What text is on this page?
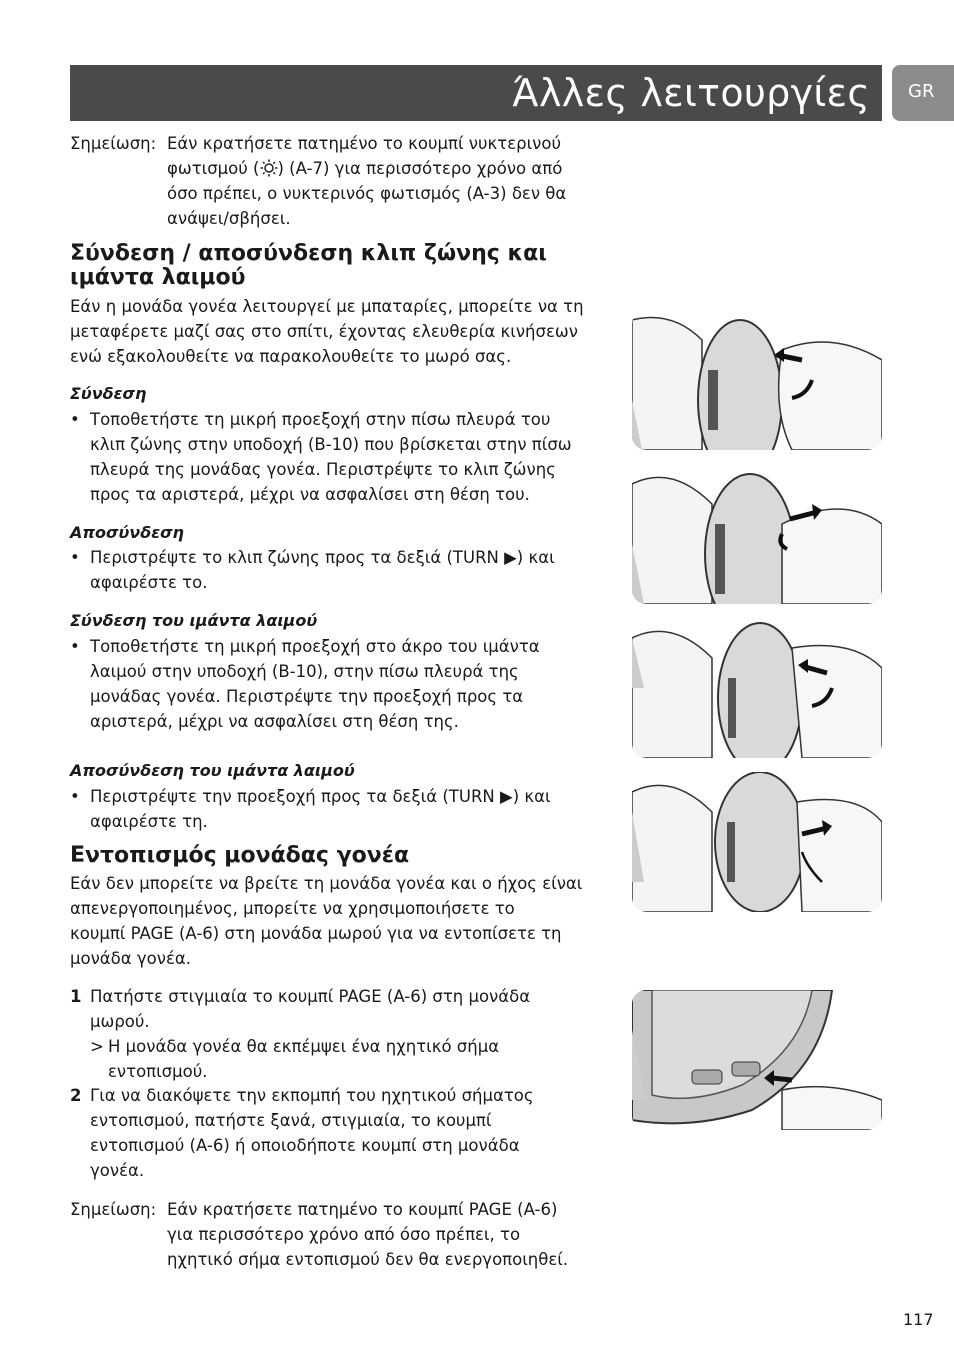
Άλλες λειτουργίες GR
Σημείωση: Εάν κρατήσετε πατημένο το κουμπί νυκτερινού
φωτισμού ( ) (A-7) για περισσότερο χρόνο από
όσο πρέπει, ο νυκτερινός φωτισμός (A-3) δεν θα
ανάψει/σβήσει.
Σύνδεση / αποσύνδεση κλιπ ζώνης και
ιμάντα λαιμού
Εάν η μονάδα γονέα λειτουργεί με μπαταρίες, μπορείτε να τη
μεταφέρετε μαζί σας στο σπίτι, έχοντας ελευθερία κινήσεων
ενώ εξακολουθείτε να παρακολουθείτε το μωρό σας.
Σύνδεση
• Τοποθετήστε τη μικρή προεξοχή στην πίσω πλευρά του
κλιπ ζώνης στην υποδοχή (B-10) που βρίσκεται στην πίσω
πλευρά της μονάδας γονέα. Περιστρέψτε το κλιπ ζώνης
προς τα αριστερά, μέχρι να ασφαλίσει στη θέση του.
Αποσύνδεση
• Περιστρέψτε το κλιπ ζώνης προς τα δεξιά (TURN ▶) και
αφαιρέστε το.
Σύνδεση του ιμάντα λαιμού
• Τοποθετήστε τη μικρή προεξοχή στο άκρο του ιμάντα
λαιμού στην υποδοχή (B-10), στην πίσω πλευρά της
μονάδας γονέα. Περιστρέψτε την προεξοχή προς τα
αριστερά, μέχρι να ασφαλίσει στη θέση της.
Αποσύνδεση του ιμάντα λαιμού
• Περιστρέψτε την προεξοχή προς τα δεξιά (TURN ▶) και
αφαιρέστε τη.
Εντοπισμός μονάδας γονέα
Εάν δεν μπορείτε να βρείτε τη μονάδα γονέα και ο ήχος είναι
απενεργοποιημένος, μπορείτε να χρησιμοποιήσετε το
κουμπί PAGE (A-6) στη μονάδα μωρού για να εντοπίσετε τη
μονάδα γονέα.
1 Πατήστε στιγμιαία το κουμπί PAGE (A-6) στη μονάδα
μωρού.
> Η μονάδα γονέα θα εκπέμψει ένα ηχητικό σήμα
εντοπισμού.
2 Για να διακόψετε την εκπομπή του ηχητικού σήματος
εντοπισμού, πατήστε ξανά, στιγμιαία, το κουμπί
εντοπισμού (A-6) ή οποιοδήποτε κουμπί στη μονάδα
γονέα.
Σημείωση: Εάν κρατήσετε πατημένο το κουμπί PAGE (A-6)
για περισσότερο χρόνο από όσο πρέπει, το
ηχητικό σήμα εντοπισμού δεν θα ενεργοποιηθεί.
117
